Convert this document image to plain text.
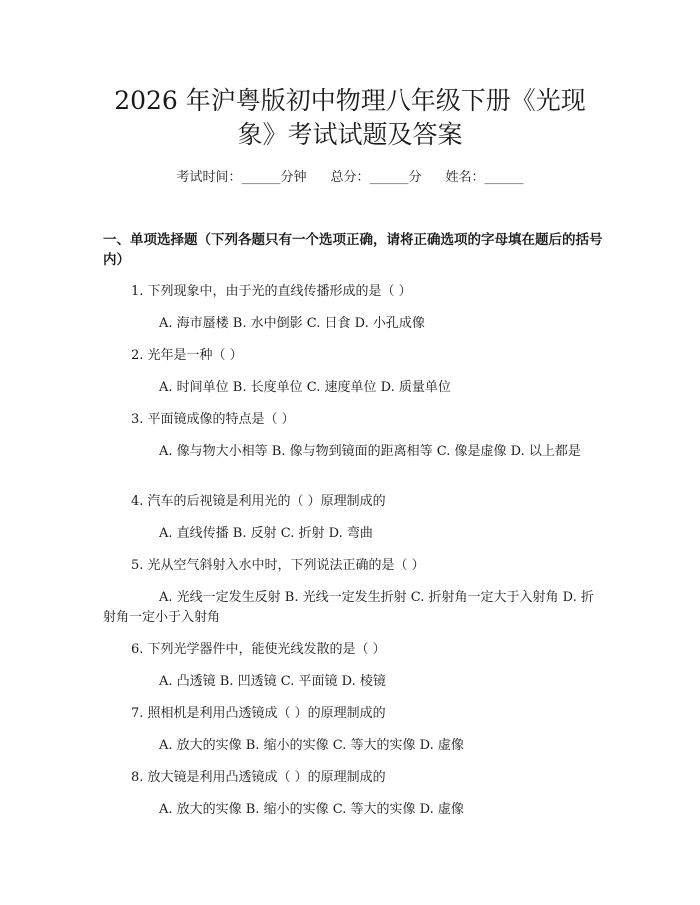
2026 年沪粤版初中物理八年级下册《光现
象》考试试题及答案
考试时间：______分钟 总分：______分 姓名：______

一、单项选择题（下列各题只有一个选项正确，请将正确选项的字母填在题后的括号内）

1. 下列现象中，由于光的直线传播形成的是（ ）

A. 海市蜃楼 B. 水中倒影 C. 日食 D. 小孔成像

2. 光年是一种（ ）

A. 时间单位 B. 长度单位 C. 速度单位 D. 质量单位

3. 平面镜成像的特点是（ ）

A. 像与物大小相等 B. 像与物到镜面的距离相等 C. 像是虚像 D. 以上都是

4. 汽车的后视镜是利用光的（ ）原理制成的

A. 直线传播 B. 反射 C. 折射 D. 弯曲

5. 光从空气斜射入水中时，下列说法正确的是（ ）

A. 光线一定发生反射 B. 光线一定发生折射 C. 折射角一定大于入射角 D. 折射角一定小于入射角

6. 下列光学器件中，能使光线发散的是（ ）

A. 凸透镜 B. 凹透镜 C. 平面镜 D. 棱镜

7. 照相机是利用凸透镜成（ ）的原理制成的

A. 放大的实像 B. 缩小的实像 C. 等大的实像 D. 虚像

8. 放大镜是利用凸透镜成（ ）的原理制成的

A. 放大的实像 B. 缩小的实像 C. 等大的实像 D. 虚像
